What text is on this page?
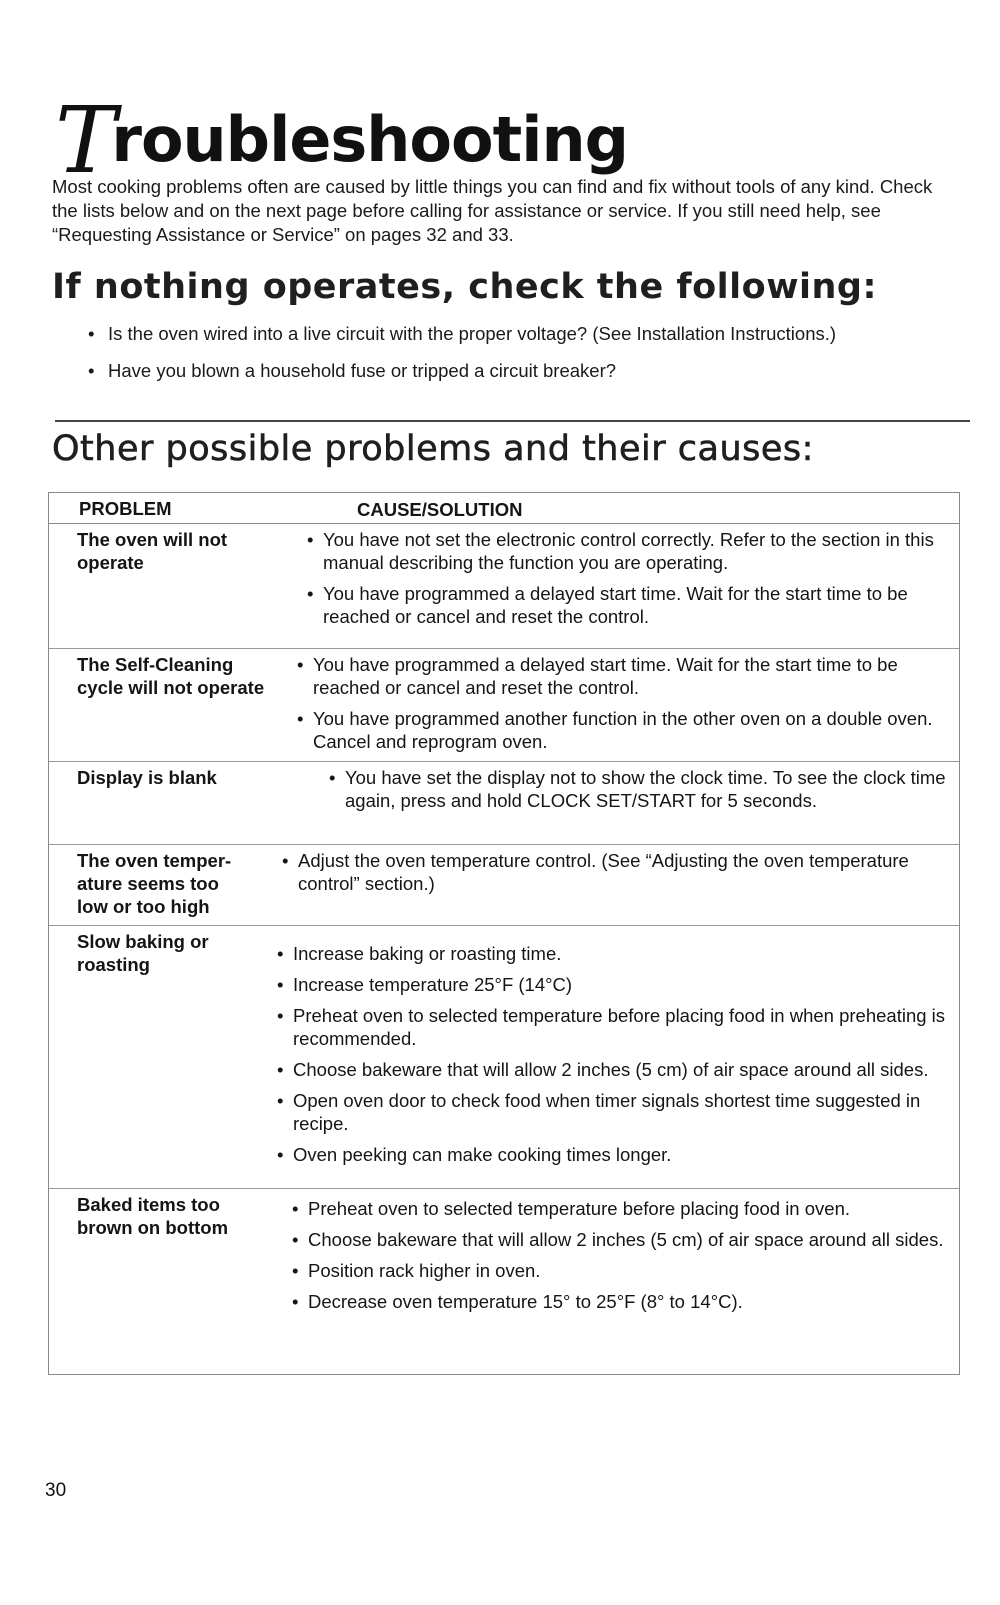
T
roubleshooting

Most cooking problems often are caused by little things you can find and fix without tools of any kind. Check the lists below and on the next page before calling for assistance or service. If you still need help, see “Requesting Assistance or Service” on pages 32 and 33.

If nothing operates, check the following:
• Is the oven wired into a live circuit with the proper voltage? (See Installation Instructions.)
• Have you blown a household fuse or tripped a circuit breaker?
Other possible problems and their causes:
PROBLEM	CAUSE/SOLUTION
The oven will not operate
• You have not set the electronic control correctly. Refer to the section in this manual describing the function you are operating.
• You have programmed a delayed start time. Wait for the start time to be reached or cancel and reset the control.
The Self-Cleaning cycle will not operate
• You have programmed a delayed start time. Wait for the start time to be reached or cancel and reset the control.
• You have programmed another function in the other oven on a double oven. Cancel and reprogram oven.
Display is blank
•	You have set the display not to show the clock time. To see the clock time again, press and hold CLOCK SET/START for 5 seconds.
The oven temper- ature seems too low or too high
• Adjust the oven temperature control. (See “Adjusting the oven temperature control” section.)
Slow baking or roasting
• Increase baking or roasting time.
• Increase temperature 25°F (14°C)
• Preheat oven to selected temperature before placing food in when preheating is recommended.
• Choose bakeware that will allow 2 inches (5 cm) of air space around all sides.
• Open oven door to check food when timer signals shortest time suggested in recipe.
• Oven peeking can make cooking times longer.
Baked items too brown on bottom
• Preheat oven to selected temperature before placing food in oven.
• Choose bakeware that will allow 2 inches (5 cm) of air space around all sides.
• Position rack higher in oven.
• Decrease oven temperature 15° to 25°F (8° to 14°C).
30
